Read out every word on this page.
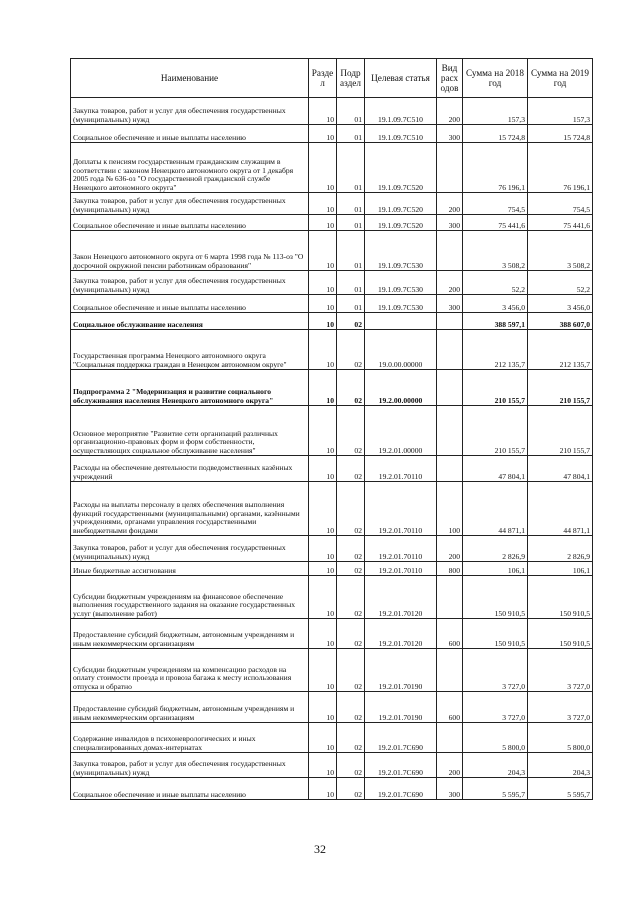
Наименование	Разде л	Подр аздел	Целевая статья	Вид расх одов	Сумма на 2018 год	Сумма на 2019 год
Закупка товаров, работ и услуг для обеспечения государственных (муниципальных) нужд	10	01	19.1.09.7С510	200	157,3	157,3
Социальное обеспечение и иные выплаты населению	10	01	19.1.09.7С510	300	15 724,8	15 724,8
Доплаты к пенсиям государственным гражданским служащим в соответствии с законом Ненецкого автономного округа от 1 декабря 2005 года № 636-оз "О государственной гражданской службе Ненецкого автономного округа"	10	01	19.1.09.7С520		76 196,1	76 196,1
Закупка товаров, работ и услуг для обеспечения государственных (муниципальных) нужд	10	01	19.1.09.7С520	200	754,5	754,5
Социальное обеспечение и иные выплаты населению	10	01	19.1.09.7С520	300	75 441,6	75 441,6
Закон Ненецкого автономного округа от 6 марта 1998 года № 113-оз "О досрочной окружной пенсии работникам образования"	10	01	19.1.09.7С530		3 508,2	3 508,2
Закупка товаров, работ и услуг для обеспечения государственных (муниципальных) нужд	10	01	19.1.09.7С530	200	52,2	52,2
Социальное обеспечение и иные выплаты населению	10	01	19.1.09.7С530	300	3 456,0	3 456,0
Социальное обслуживание населения	10	02			388 597,1	388 607,0
Государственная программа Ненецкого автономного округа "Социальная поддержка граждан в Ненецком автономном округе"	10	02	19.0.00.00000		212 135,7	212 135,7
Подпрограмма 2 "Модернизация и развитие социального обслуживания населения Ненецкого автономного округа"	10	02	19.2.00.00000		210 155,7	210 155,7
Основное мероприятие "Развитие сети организаций различных организационно-правовых форм и форм собственности, осуществляющих социальное обслуживание населения"	10	02	19.2.01.00000		210 155,7	210 155,7
Расходы на обеспечение деятельности подведомственных казённых учреждений	10	02	19.2.01.70110		47 804,1	47 804,1
Расходы на выплаты персоналу в целях обеспечения выполнения функций государственными (муниципальными) органами, казёнными учреждениями, органами управления государственными внебюджетными фондами	10	02	19.2.01.70110	100	44 871,1	44 871,1
Закупка товаров, работ и услуг для обеспечения государственных (муниципальных) нужд	10	02	19.2.01.70110	200	2 826,9	2 826,9
Иные бюджетные ассигнования	10	02	19.2.01.70110	800	106,1	106,1
Субсидии бюджетным учреждениям на финансовое обеспечение выполнения государственного задания на оказание государственных услуг (выполнение работ)	10	02	19.2.01.70120		150 910,5	150 910,5
Предоставление субсидий бюджетным, автономным учреждениям и иным некоммерческим организациям	10	02	19.2.01.70120	600	150 910,5	150 910,5
Субсидии бюджетным учреждениям на компенсацию расходов на оплату стоимости проезда и провоза багажа к месту использования отпуска и обратно	10	02	19.2.01.70190		3 727,0	3 727,0
Предоставление субсидий бюджетным, автономным учреждениям и иным некоммерческим организациям	10	02	19.2.01.70190	600	3 727,0	3 727,0
Содержание инвалидов в психоневрологических и иных специализированных домах-интернатах	10	02	19.2.01.7С690		5 800,0	5 800,0
Закупка товаров, работ и услуг для обеспечения государственных (муниципальных) нужд	10	02	19.2.01.7С690	200	204,3	204,3
Социальное обеспечение и иные выплаты населению	10	02	19.2.01.7С690	300	5 595,7	5 595,7
32
